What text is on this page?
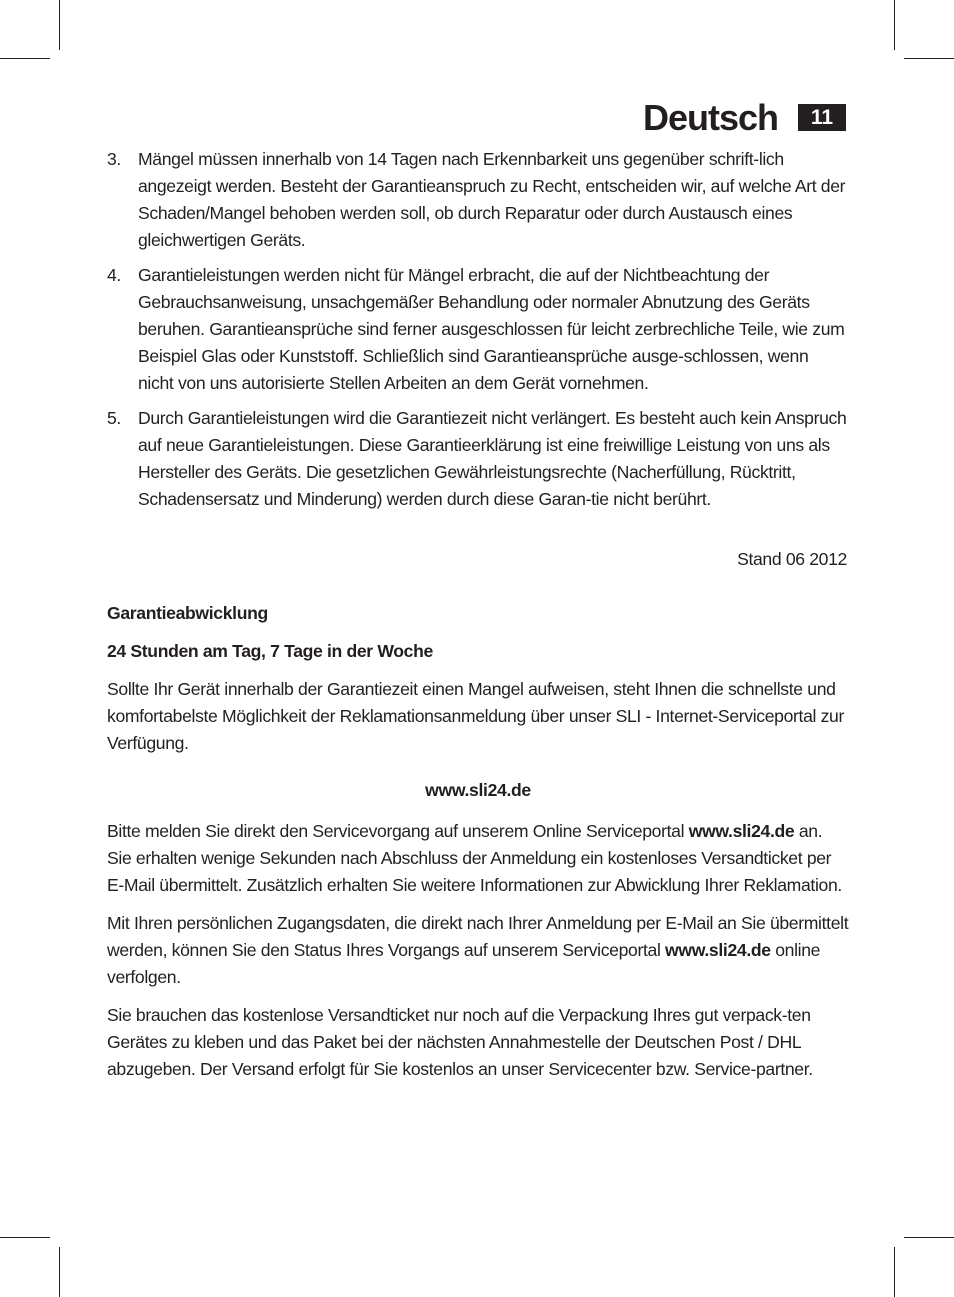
Deutsch	11
3. Mängel müssen innerhalb von 14 Tagen nach Erkennbarkeit uns gegenüber schrift-lich angezeigt werden. Besteht der Garantieanspruch zu Recht, entscheiden wir, auf welche Art der Schaden/Mangel behoben werden soll, ob durch Reparatur oder durch Austausch eines gleichwertigen Geräts.
4. Garantieleistungen werden nicht für Mängel erbracht, die auf der Nichtbeachtung der Gebrauchsanweisung, unsachgemäßer Behandlung oder normaler Abnutzung des Geräts beruhen. Garantieansprüche sind ferner ausgeschlossen für leicht zerbrechliche Teile, wie zum Beispiel Glas oder Kunststoff. Schließlich sind Garantieansprüche ausge-schlossen, wenn nicht von uns autorisierte Stellen Arbeiten an dem Gerät vornehmen.
5. Durch Garantieleistungen wird die Garantiezeit nicht verlängert. Es besteht auch kein Anspruch auf neue Garantieleistungen. Diese Garantieerklärung ist eine freiwillige Leistung von uns als Hersteller des Geräts. Die gesetzlichen Gewährleistungsrechte (Nacherfüllung, Rücktritt, Schadensersatz und Minderung) werden durch diese Garan-tie nicht berührt.
Stand 06 2012

Garantieabwicklung

24 Stunden am Tag, 7 Tage in der Woche

Sollte Ihr Gerät innerhalb der Garantiezeit einen Mangel aufweisen, steht Ihnen die schnellste und komfortabelste Möglichkeit der Reklamationsanmeldung über unser SLI - Internet-Serviceportal zur Verfügung.

www.sli24.de

Bitte melden Sie direkt den Servicevorgang auf unserem Online Serviceportal www.sli24.de an. Sie erhalten wenige Sekunden nach Abschluss der Anmeldung ein kostenloses Versandticket per E-Mail übermittelt. Zusätzlich erhalten Sie weitere Informationen zur Abwicklung Ihrer Reklamation.

Mit Ihren persönlichen Zugangsdaten, die direkt nach Ihrer Anmeldung per E-Mail an Sie übermittelt werden, können Sie den Status Ihres Vorgangs auf unserem Serviceportal www.sli24.de online verfolgen.

Sie brauchen das kostenlose Versandticket nur noch auf die Verpackung Ihres gut verpack-ten Gerätes zu kleben und das Paket bei der nächsten Annahmestelle der Deutschen Post / DHL abzugeben. Der Versand erfolgt für Sie kostenlos an unser Servicecenter bzw. Service-partner.
